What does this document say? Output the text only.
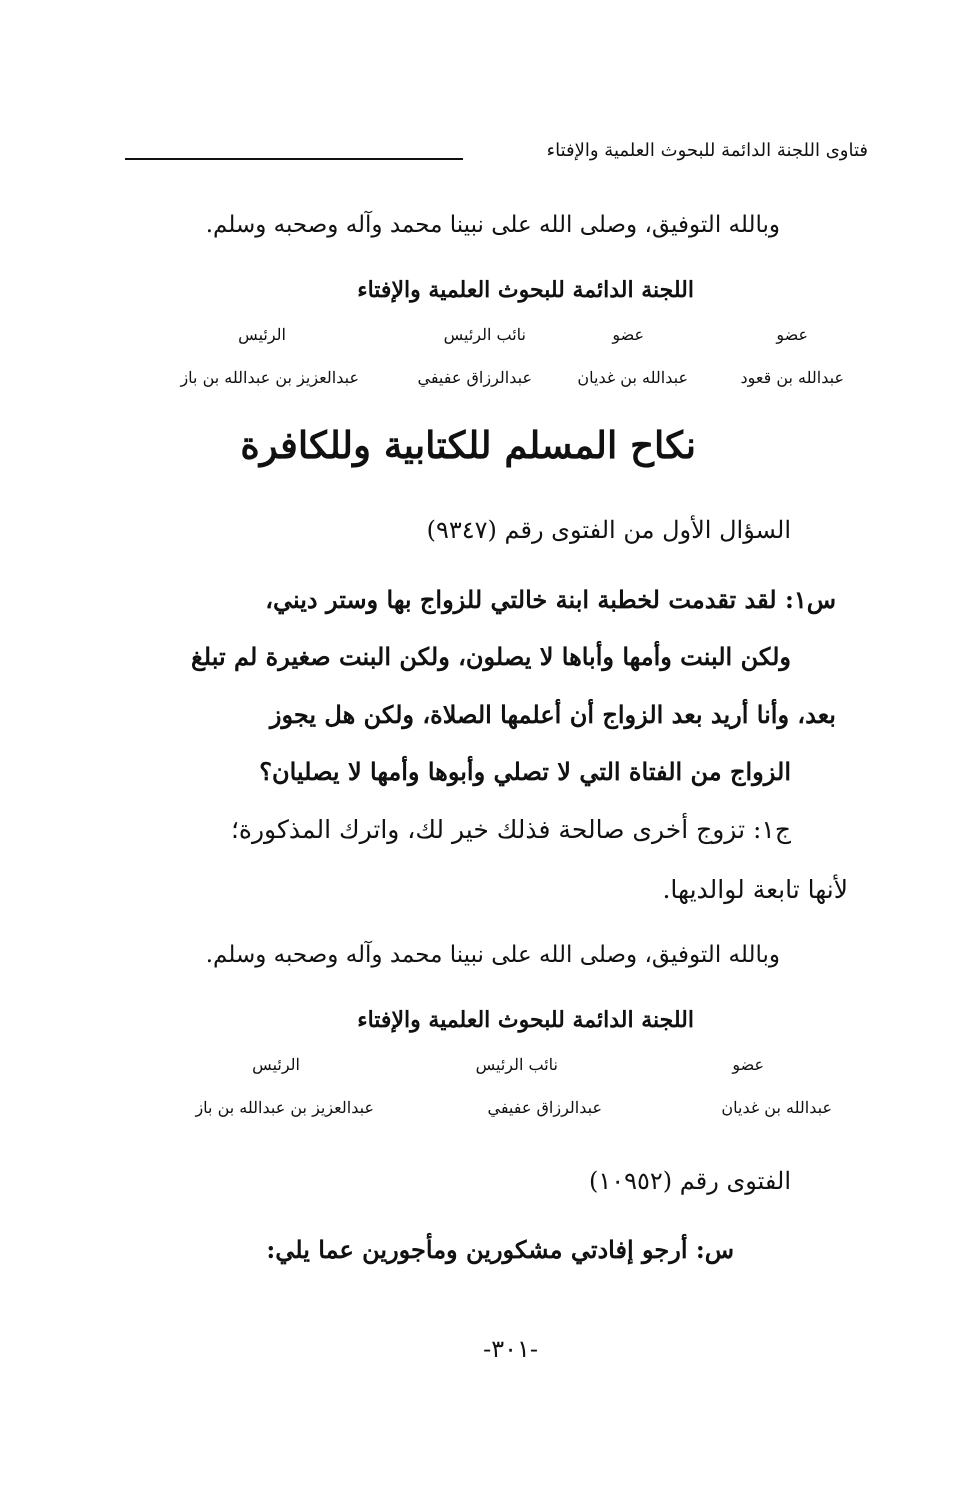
فتاوى اللجنة الدائمة للبحوث العلمية والإفتاء
وبالله التوفيق، وصلى الله على نبينا محمد وآله وصحبه وسلم.
اللجنة الدائمة للبحوث العلمية والإفتاء
عضو
عضو
نائب الرئيس
الرئيس
عبدالله بن قعود
عبدالله بن غديان
عبدالرزاق عفيفي
عبدالعزيز بن عبدالله بن باز
نكاح المسلم للكتابية وللكافرة
السؤال الأول من الفتوى رقم (٩٣٤٧)
س١: لقد تقدمت لخطبة ابنة خالتي للزواج بها وستر ديني،
ولكن البنت وأمها وأباها لا يصلون، ولكن البنت صغيرة لم تبلغ
بعد، وأنا أريد بعد الزواج أن أعلمها الصلاة، ولكن هل يجوز
الزواج من الفتاة التي لا تصلي وأبوها وأمها لا يصليان؟
ج١: تزوج أخرى صالحة فذلك خير لك، واترك المذكورة؛
لأنها تابعة لوالديها.
وبالله التوفيق، وصلى الله على نبينا محمد وآله وصحبه وسلم.
اللجنة الدائمة للبحوث العلمية والإفتاء
عضو
نائب الرئيس
الرئيس
عبدالله بن غديان
عبدالرزاق عفيفي
عبدالعزيز بن عبدالله بن باز
الفتوى رقم (١٠٩٥٢)
س: أرجو إفادتي مشكورين ومأجورين عما يلي:
-٣٠١-
